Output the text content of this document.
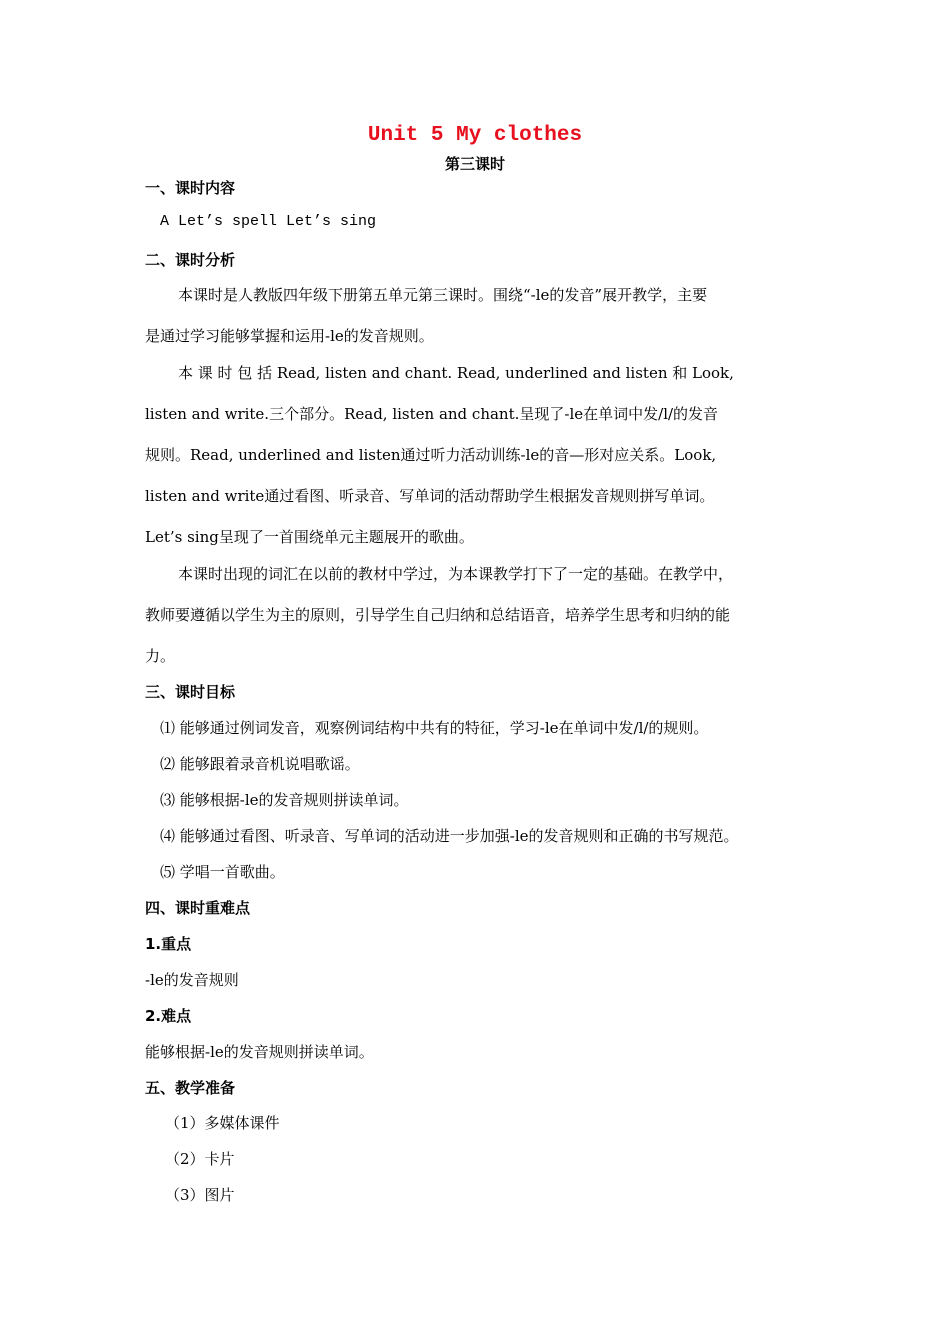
Unit 5 My clothes
第三课时
一、课时内容
A Let’s spell Let’s sing
二、课时分析
本课时是人教版四年级下册第五单元第三课时。围绕“-le的发音”展开教学，主要
是通过学习能够掌握和运用-le的发音规则。
本 课 时 包 括 Read, listen and chant. Read, underlined and listen 和 Look,
listen and write.三个部分。Read, listen and chant.呈现了-le在单词中发/l/的发音
规则。Read, underlined and listen通过听力活动训练-le的音—形对应关系。Look,
listen and write通过看图、听录音、写单词的活动帮助学生根据发音规则拼写单词。
Let’s sing呈现了一首围绕单元主题展开的歌曲。
本课时出现的词汇在以前的教材中学过，为本课教学打下了一定的基础。在教学中，
教师要遵循以学生为主的原则，引导学生自己归纳和总结语音，培养学生思考和归纳的能
力。
三、课时目标
⑴ 能够通过例词发音，观察例词结构中共有的特征，学习-le在单词中发/l/的规则。
⑵ 能够跟着录音机说唱歌谣。
⑶ 能够根据-le的发音规则拼读单词。
⑷ 能够通过看图、听录音、写单词的活动进一步加强-le的发音规则和正确的书写规范。
⑸ 学唱一首歌曲。
四、课时重难点
1.重点
-le的发音规则
2.难点
能够根据-le的发音规则拼读单词。
五、教学准备
（1）多媒体课件
（2）卡片
（3）图片
